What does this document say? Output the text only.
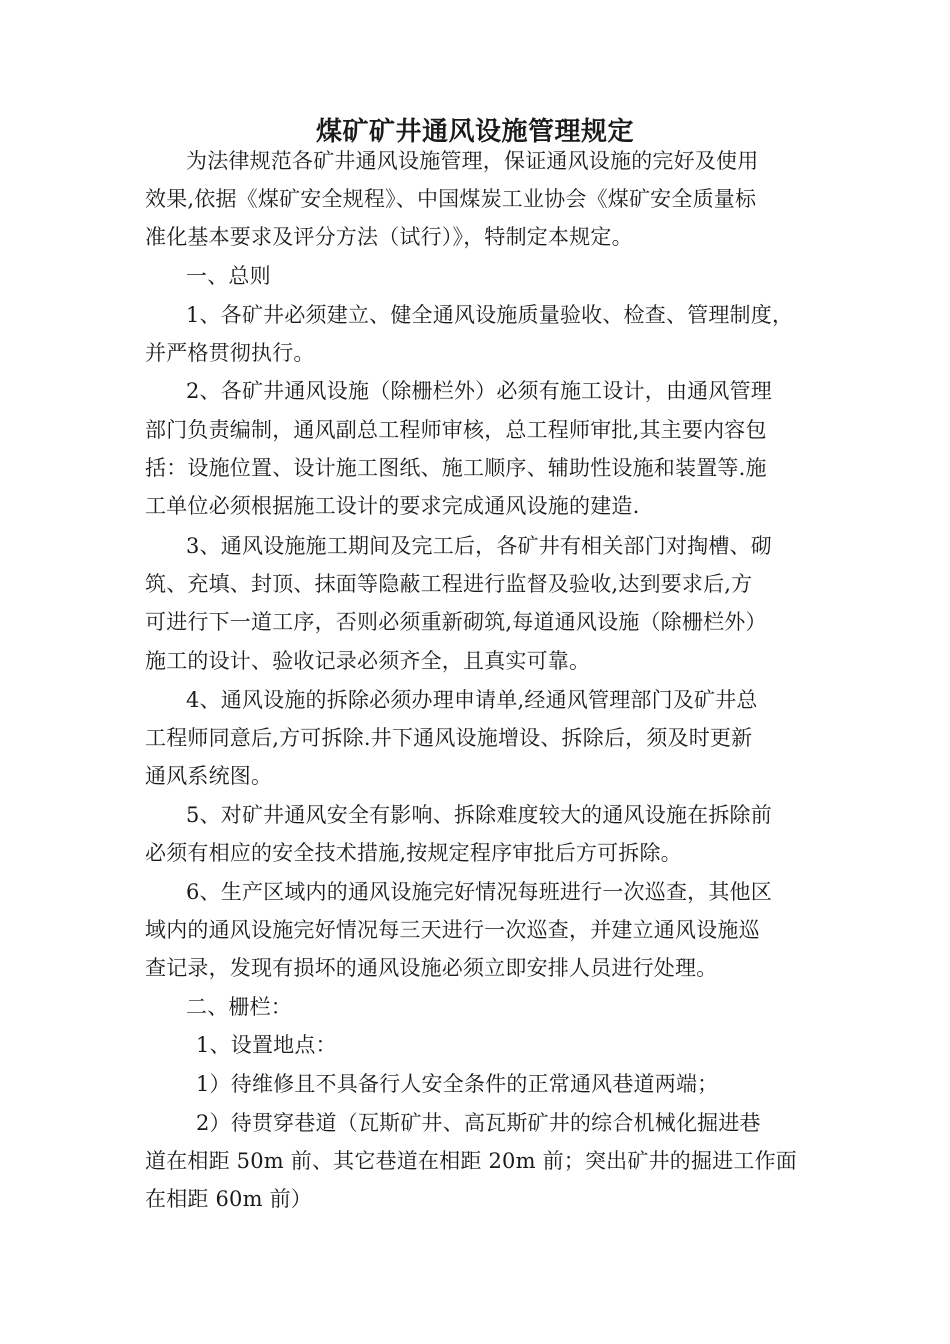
煤矿矿井通风设施管理规定
为法律规范各矿井通风设施管理，保证通风设施的完好及使用
效果,依据《煤矿安全规程》、中国煤炭工业协会《煤矿安全质量标
准化基本要求及评分方法（试行）》，特制定本规定。
一、总则
1、各矿井必须建立、健全通风设施质量验收、检查、管理制度，
并严格贯彻执行。
2、各矿井通风设施（除栅栏外）必须有施工设计，由通风管理
部门负责编制，通风副总工程师审核，总工程师审批,其主要内容包
括：设施位置、设计施工图纸、施工顺序、辅助性设施和装置等.施
工单位必须根据施工设计的要求完成通风设施的建造.
3、通风设施施工期间及完工后，各矿井有相关部门对掏槽、砌
筑、充填、封顶、抹面等隐蔽工程进行监督及验收,达到要求后,方
可进行下一道工序，否则必须重新砌筑,每道通风设施（除栅栏外）
施工的设计、验收记录必须齐全，且真实可靠。
4、通风设施的拆除必须办理申请单,经通风管理部门及矿井总
工程师同意后,方可拆除.井下通风设施增设、拆除后，须及时更新
通风系统图。
5、对矿井通风安全有影响、拆除难度较大的通风设施在拆除前
必须有相应的安全技术措施,按规定程序审批后方可拆除。
6、生产区域内的通风设施完好情况每班进行一次巡查，其他区
域内的通风设施完好情况每三天进行一次巡查，并建立通风设施巡
查记录，发现有损坏的通风设施必须立即安排人员进行处理。
二、栅栏：
1、设置地点：
1）待维修且不具备行人安全条件的正常通风巷道两端；
2）待贯穿巷道（瓦斯矿井、高瓦斯矿井的综合机械化掘进巷
道在相距 50m 前、其它巷道在相距 20m 前；突出矿井的掘进工作面
在相距 60m 前）
